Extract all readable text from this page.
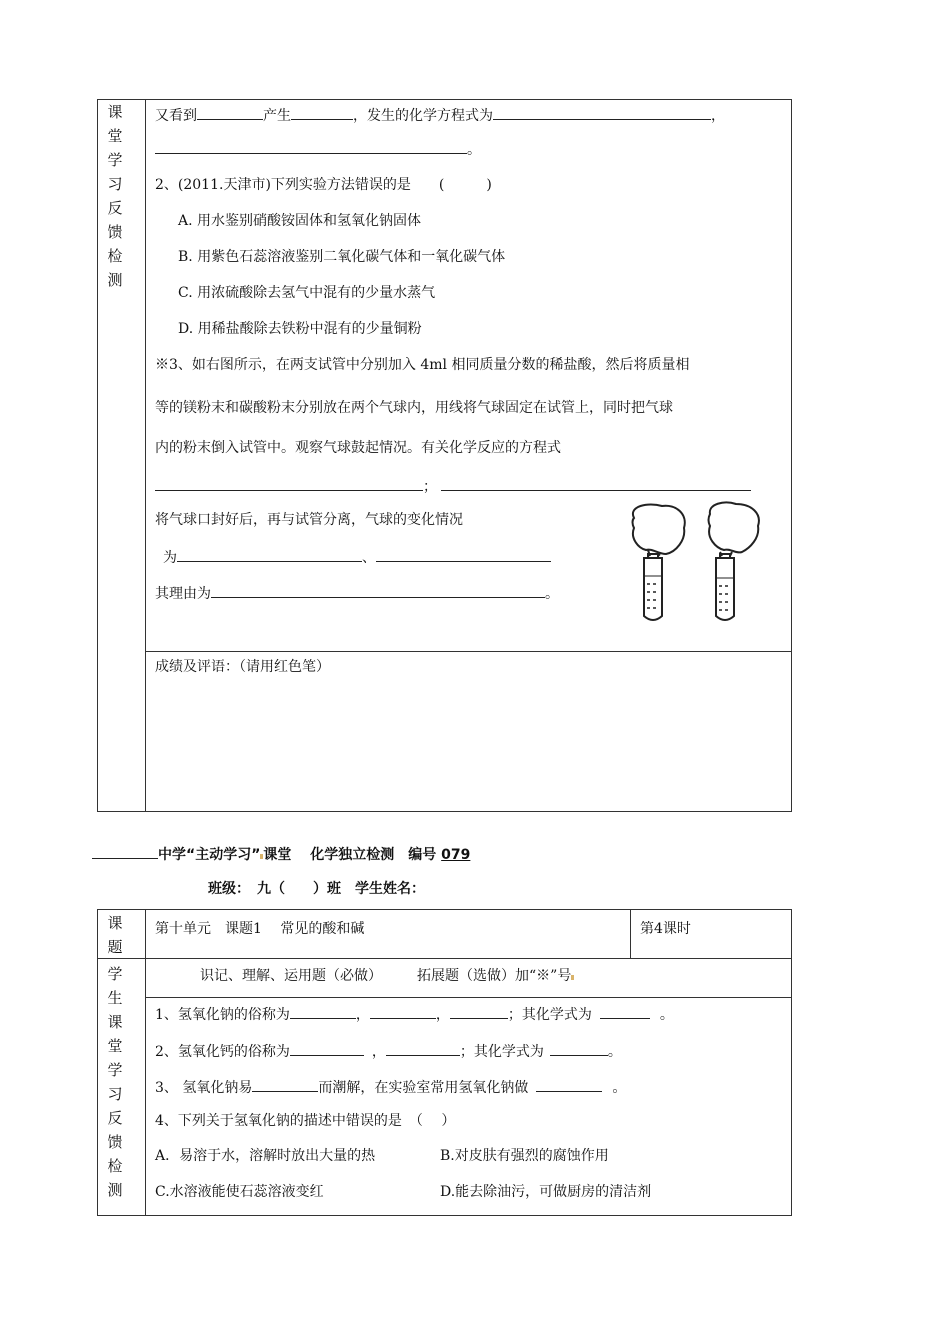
课
堂
学
习
反
馈
检
测
又看到	产生	，发生的化学方程式为	，
。
2、(2011.天津市)下列实验方法错误的是　　 (　　　)
A. 用水鉴别硝酸铵固体和氢氧化钠固体
B. 用紫色石蕊溶液鉴别二氧化碳气体和一氧化碳气体
C. 用浓硫酸除去氢气中混有的少量水蒸气
D. 用稀盐酸除去铁粉中混有的少量铜粉
※3、如右图所示，在两支试管中分别加入 4ml 相同质量分数的稀盐酸，然后将质量相
等的镁粉末和碳酸粉末分别放在两个气球内，用线将气球固定在试管上，同时把气球
内的粉末倒入试管中。观察气球鼓起情况。有关化学反应的方程式
；
将气球口封好后，再与试管分离，气球的变化情况
为	、
其理由为	。
成绩及评语：（请用红色笔）
中学“主动学习” 课堂　 化学独立检测　编号 079
班级：　九（　　）班　学生姓名：
课
题
第十单元　课题1　 常见的酸和碱	第4课时
学
生
课
堂
学
习
反
馈
检
测
识记、理解、运用题（必做）　　　拓展题（选做）加“※”号
1、氢氧化钠的俗称为	，	，	；其化学式为	。
2、氢氧化钙的俗称为	，	；其化学式为	。
3、 氢氧化钠易	而潮解，在实验室常用氢氧化钠做	。
4、下列关于氢氧化钠的描述中错误的是　（　 ）
A．易溶于水，溶解时放出大量的热	B.对皮肤有强烈的腐蚀作用
C.水溶液能使石蕊溶液变红	D.能去除油污，可做厨房的清洁剂
